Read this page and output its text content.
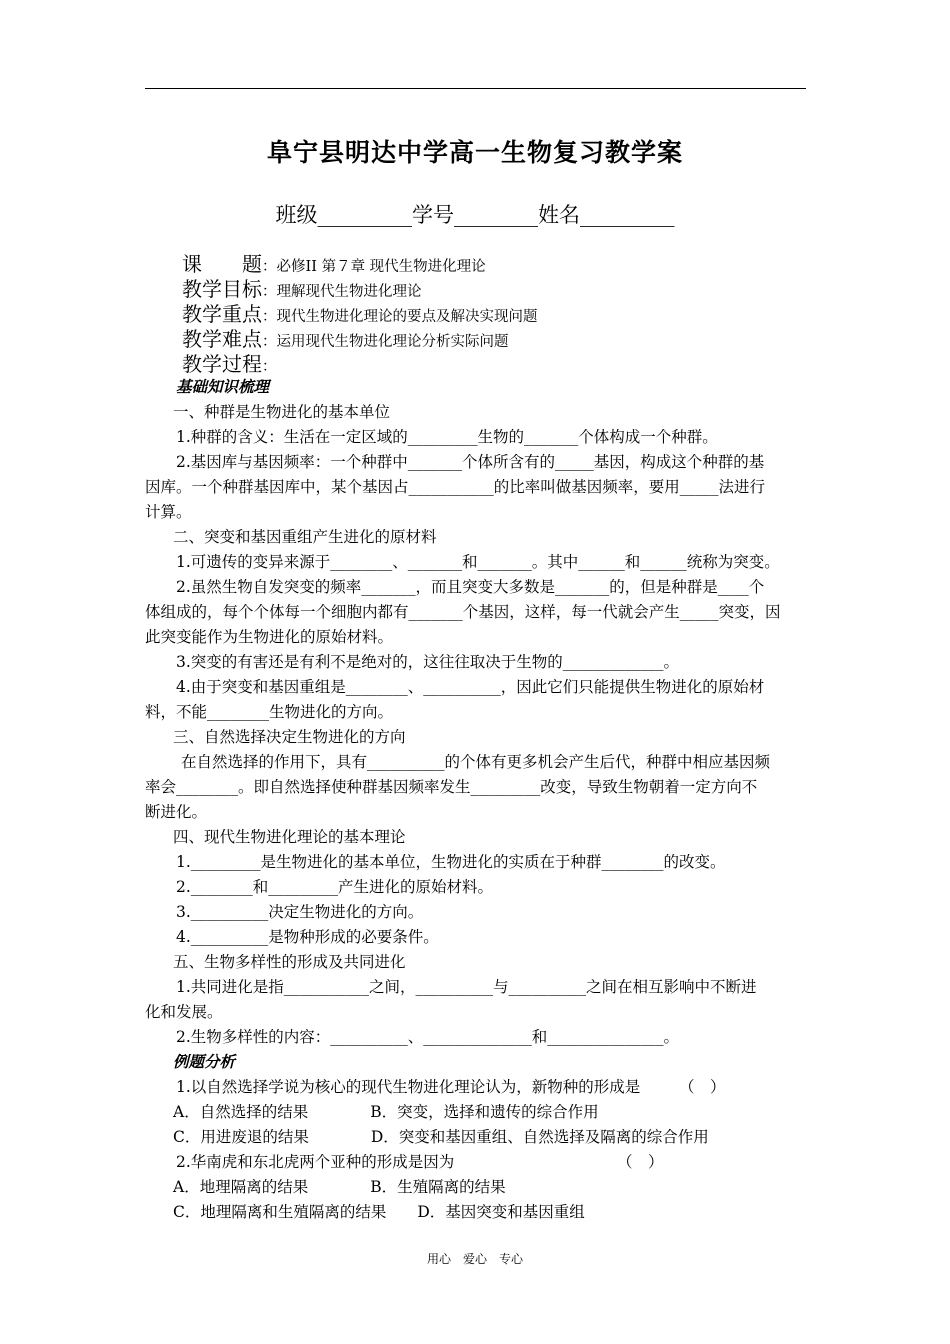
阜宁县明达中学高一生物复习教学案
班级_________学号________姓名_________
课　　题：必修II 第７章 现代生物进化理论
教学目标：理解现代生物进化理论
教学重点：现代生物进化理论的要点及解决实现问题
教学难点：运用现代生物进化理论分析实际问题
教学过程：
基础知识梳理
一、种群是生物进化的基本单位
1.种群的含义：生活在一定区域的_________生物的_______个体构成一个种群。
2.基因库与基因频率：一个种群中_______个体所含有的_____基因，构成这个种群的基
因库。一个种群基因库中，某个基因占___________的比率叫做基因频率，要用_____法进行
计算。
二、突变和基因重组产生进化的原材料
1.可遗传的变异来源于________、_______和_______。其中______和______统称为突变。
2.虽然生物自发突变的频率_______，而且突变大多数是_______的，但是种群是____个
体组成的，每个个体每一个细胞内都有_______个基因，这样，每一代就会产生_____突变，因
此突变能作为生物进化的原始材料。
3.突变的有害还是有利不是绝对的，这往往取决于生物的_____________。
4.由于突变和基因重组是________、__________，因此它们只能提供生物进化的原始材
料，不能________生物进化的方向。
三、自然选择决定生物进化的方向
在自然选择的作用下，具有__________的个体有更多机会产生后代，种群中相应基因频
率会________。即自然选择使种群基因频率发生_________改变，导致生物朝着一定方向不
断进化。
四、现代生物进化理论的基本理论
1._________是生物进化的基本单位，生物进化的实质在于种群________的改变。
2.________和_________产生进化的原始材料。
3.__________决定生物进化的方向。
4.__________是物种形成的必要条件。
五、生物多样性的形成及共同进化
1.共同进化是指___________之间，__________与__________之间在相互影响中不断进
化和发展。
2.生物多样性的内容：__________、______________和_______________。
例题分析
1.以自然选择学说为核心的现代生物进化理论认为，新物种的形成是　　　（　）
A．自然选择的结果　　　　B．突变，选择和遗传的综合作用
C．用进废退的结果　　　　D．突变和基因重组、自然选择及隔离的综合作用
2.华南虎和东北虎两个亚种的形成是因为　　　　　　　　　　　（　）
A．地理隔离的结果　　　　B．生殖隔离的结果
C．地理隔离和生殖隔离的结果　　D．基因突变和基因重组
用心　爱心　专心
